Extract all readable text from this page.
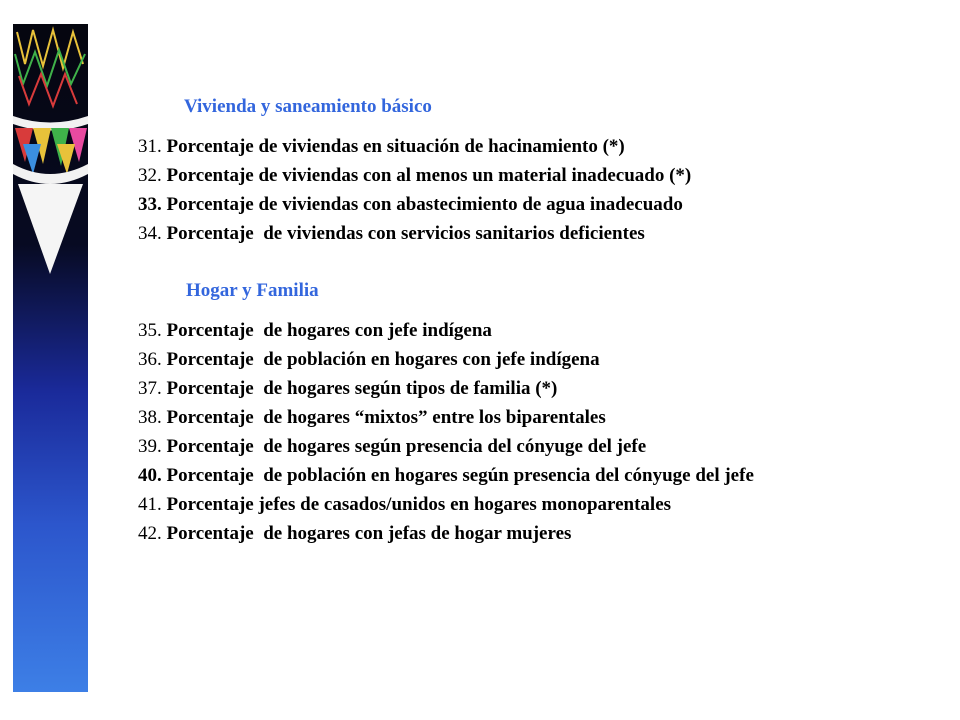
Vivienda y saneamiento básico
31. Porcentaje de viviendas en situación de hacinamiento (*)
32. Porcentaje de viviendas con al menos un material inadecuado (*)
33. Porcentaje de viviendas con abastecimiento de agua inadecuado
34. Porcentaje  de viviendas con servicios sanitarios deficientes
Hogar y Familia
35. Porcentaje  de hogares con jefe indígena
36. Porcentaje  de población en hogares con jefe indígena
37. Porcentaje  de hogares según tipos de familia (*)
38. Porcentaje  de hogares “mixtos” entre los biparentales
39. Porcentaje  de hogares según presencia del cónyuge del jefe
40. Porcentaje  de población en hogares según presencia del cónyuge del jefe
41. Porcentaje jefes de casados/unidos en hogares monoparentales
42. Porcentaje  de hogares con jefas de hogar mujeres
